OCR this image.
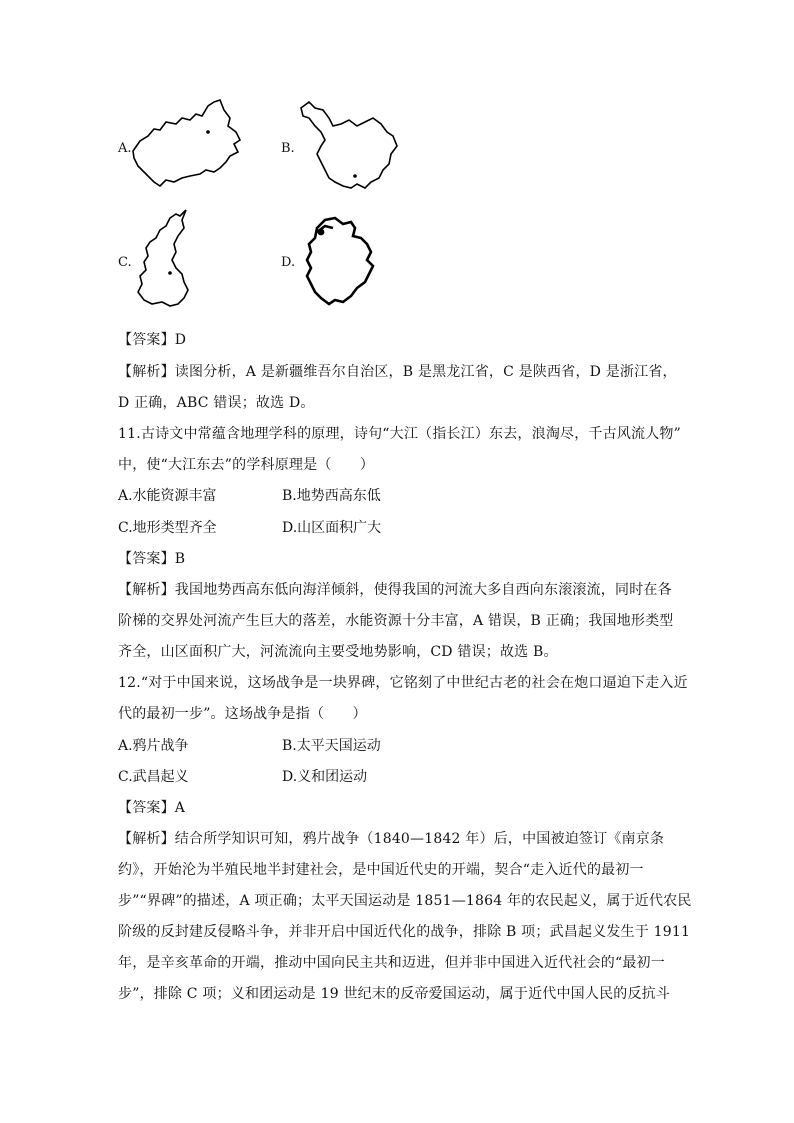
A.	B.
C.	D.
【答案】D
【解析】读图分析，A 是新疆维吾尔自治区，B 是黑龙江省，C 是陕西省，D 是浙江省，
D 正确，ABC 错误；故选 D。
11.古诗文中常蕴含地理学科的原理，诗句“大江（指长江）东去，浪淘尽，千古风流人物”
中，使“大江东去”的学科原理是（　　）
A.水能资源丰富	B.地势西高东低
C.地形类型齐全	D.山区面积广大
【答案】B
【解析】我国地势西高东低向海洋倾斜，使得我国的河流大多自西向东滚滚流，同时在各
阶梯的交界处河流产生巨大的落差，水能资源十分丰富，A 错误，B 正确；我国地形类型
齐全，山区面积广大，河流流向主要受地势影响，CD 错误；故选 B。
12.“对于中国来说，这场战争是一块界碑，它铭刻了中世纪古老的社会在炮口逼迫下走入近
代的最初一步”。这场战争是指（　　）
A.鸦片战争	B.太平天国运动
C.武昌起义	D.义和团运动
【答案】A
【解析】结合所学知识可知，鸦片战争（1840—1842 年）后，中国被迫签订《南京条
约》，开始沦为半殖民地半封建社会，是中国近代史的开端，契合“走入近代的最初一
步”“界碑”的描述，A 项正确；太平天国运动是 1851—1864 年的农民起义，属于近代农民
阶级的反封建反侵略斗争，并非开启中国近代化的战争，排除 B 项；武昌起义发生于 1911
年，是辛亥革命的开端，推动中国向民主共和迈进，但并非中国进入近代社会的“最初一
步”，排除 C 项；义和团运动是 19 世纪末的反帝爱国运动，属于近代中国人民的反抗斗
